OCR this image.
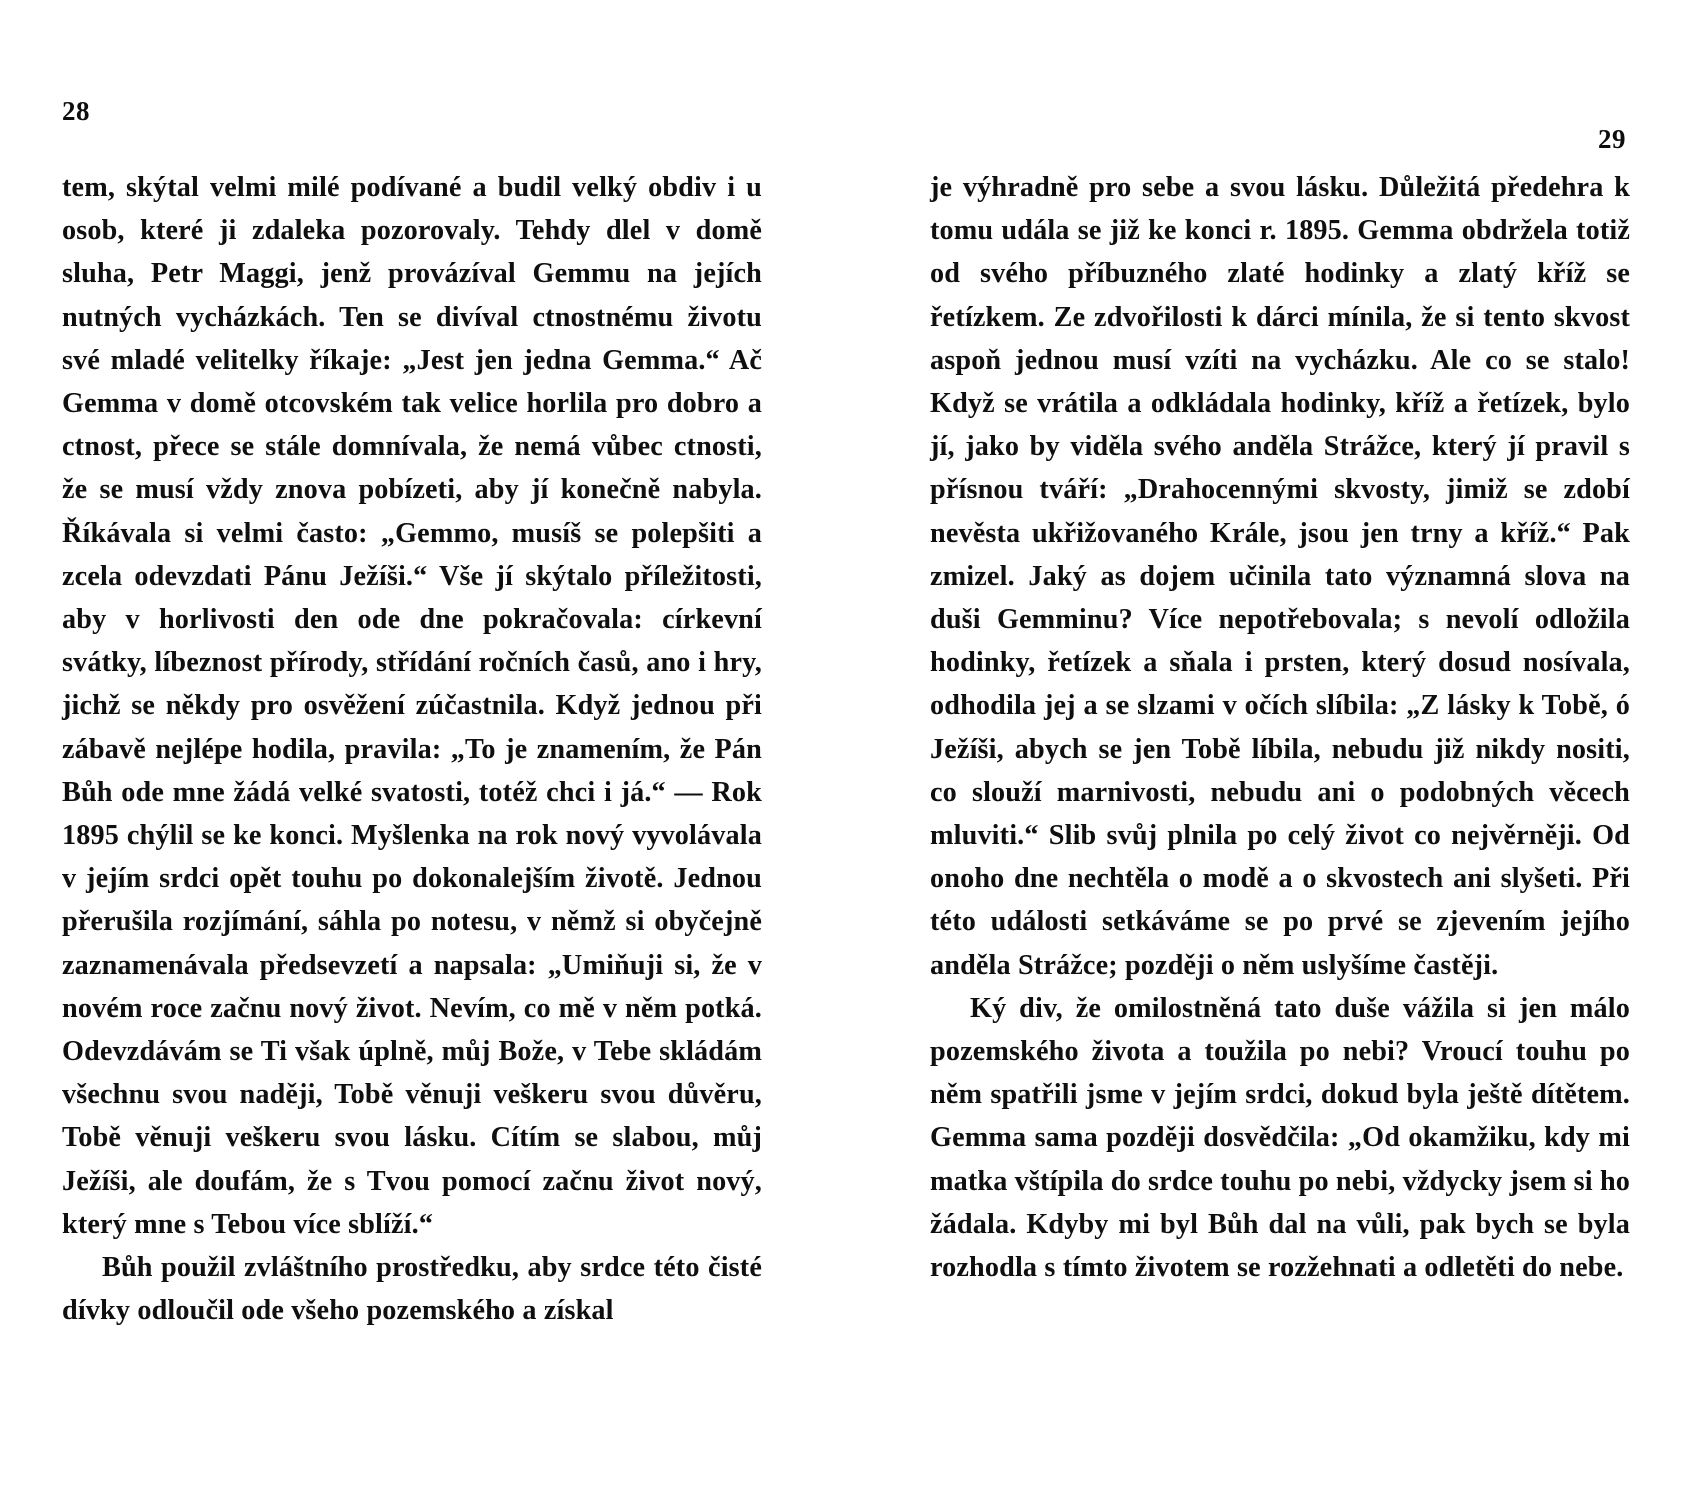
28
29

tem, skýtal velmi milé podívané a budil velký obdiv i u osob, které ji zdaleka pozorovaly. Tehdy dlel v domě sluha, Petr Maggi, jenž provázíval Gemmu na jejích nutných vycházkách. Ten se divíval ctnostnému životu své mladé velitelky říkaje: „Jest jen jedna Gemma.“ Ač Gemma v domě otcovském tak velice horlila pro dobro a ctnost, přece se stále domnívala, že nemá vůbec ctnosti, že se musí vždy znova pobízeti, aby jí konečně nabyla. Říkávala si velmi často: „Gemmo, musíš se polepšiti a zcela odevzdati Pánu Ježíši.“ Vše jí skýtalo příležitosti, aby v horlivosti den ode dne pokračovala: církevní svátky, líbeznost přírody, střídání ročních časů, ano i hry, jichž se někdy pro osvěžení zúčastnila. Když jednou při zábavě nejlépe hodila, pravila: „To je znamením, že Pán Bůh ode mne žádá velké svatosti, totéž chci i já.“ — Rok 1895 chýlil se ke konci. Myšlenka na rok nový vyvolávala v jejím srdci opět touhu po dokonalejším životě. Jednou přerušila rozjímání, sáhla po notesu, v němž si obyčejně zaznamenávala předsevzetí a napsala: „Umiňuji si, že v novém roce začnu nový život. Nevím, co mě v něm potká. Odevzdávám se Ti však úplně, můj Bože, v Tebe skládám všechnu svou naději, Tobě věnuji veškeru svou důvěru, Tobě věnuji veškeru svou lásku. Cítím se slabou, můj Ježíši, ale doufám, že s Tvou pomocí začnu život nový, který mne s Tebou více sblíží.“

Bůh použil zvláštního prostředku, aby srdce této čisté dívky odloučil ode všeho pozemského a získal

je výhradně pro sebe a svou lásku. Důležitá předehra k tomu udála se již ke konci r. 1895. Gemma obdržela totiž od svého příbuzného zlaté hodinky a zlatý kříž se řetízkem. Ze zdvořilosti k dárci mínila, že si tento skvost aspoň jednou musí vzíti na vycházku. Ale co se stalo! Když se vrátila a odkládala hodinky, kříž a řetízek, bylo jí, jako by viděla svého anděla Strážce, který jí pravil s přísnou tváří: „Drahocennými skvosty, jimiž se zdobí nevěsta ukřižovaného Krále, jsou jen trny a kříž.“ Pak zmizel. Jaký as dojem učinila tato významná slova na duši Gemminu? Více nepotřebovala; s nevolí odložila hodinky, řetízek a sňala i prsten, který dosud nosívala, odhodila jej a se slzami v očích slíbila: „Z lásky k Tobě, ó Ježíši, abych se jen Tobě líbila, nebudu již nikdy nositi, co slouží marnivosti, nebudu ani o podobných věcech mluviti.“ Slib svůj plnila po celý život co nejvěrněji. Od onoho dne nechtěla o modě a o skvostech ani slyšeti. Při této události setkáváme se po prvé se zjevením jejího anděla Strážce; později o něm uslyšíme častěji.

Ký div, že omilostněná tato duše vážila si jen málo pozemského života a toužila po nebi? Vroucí touhu po něm spatřili jsme v jejím srdci, dokud byla ještě dítětem. Gemma sama později dosvědčila: „Od okamžiku, kdy mi matka vštípila do srdce touhu po nebi, vždycky jsem si ho žádala. Kdyby mi byl Bůh dal na vůli, pak bych se byla rozhodla s tímto životem se rozžehnati a odletěti do nebe.
